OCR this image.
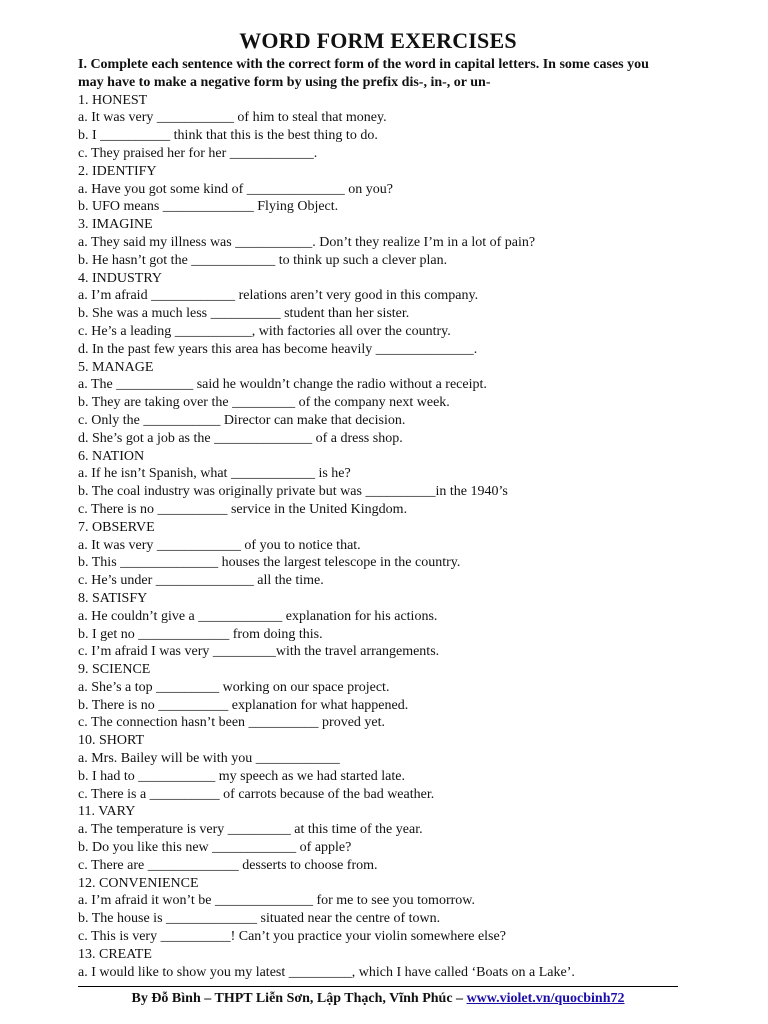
WORD FORM EXERCISES
I. Complete each sentence with the correct form of the word in capital letters. In some cases you may have to make a negative form by using the prefix dis-, in-, or un-
1. HONEST
a. It was very ___________ of him to steal that money.
b. I __________ think that this is the best thing to do.
c. They praised her for her ____________.
2. IDENTIFY
a. Have you got some kind of ______________ on you?
b. UFO means _____________ Flying Object.
3. IMAGINE
a. They said my illness was ___________. Don’t they realize I’m in a lot of pain?
b. He hasn’t got the ____________ to think up such a clever plan.
4. INDUSTRY
a. I’m afraid ____________ relations aren’t very good in this company.
b. She was a much less __________ student than her sister.
c. He’s a leading ___________, with factories all over the country.
d. In the past few years this area has become heavily ______________.
5. MANAGE
a. The ___________ said he wouldn’t change the radio without a receipt.
b. They are taking over the _________ of the company next week.
c. Only the ___________ Director can make that decision.
d. She’s got a job as the ______________ of a dress shop.
6. NATION
a. If he isn’t Spanish, what ____________ is he?
b. The coal industry was originally private but was __________in the 1940’s
c. There is no __________ service in the United Kingdom.
7. OBSERVE
a. It was very ____________ of you to notice that.
b. This ______________ houses the largest telescope in the country.
c. He’s under ______________ all the time.
8. SATISFY
a. He couldn’t give a ____________ explanation for his actions.
b. I get no _____________ from doing this.
c. I’m afraid I was very _________with the travel arrangements.
9. SCIENCE
a. She’s a top _________ working on our space project.
b. There is no __________ explanation for what happened.
c. The connection hasn’t been __________ proved yet.
10. SHORT
a. Mrs. Bailey will be with you ____________
b. I had to ___________ my speech as we had started late.
c. There is a __________ of carrots because of the bad weather.
11. VARY
a. The temperature is very _________ at this time of the year.
b. Do you like this new ____________ of apple?
c. There are _____________ desserts to choose from.
12. CONVENIENCE
a. I’m afraid it won’t be ______________ for me to see you tomorrow.
b. The house is _____________ situated near the centre of town.
c. This is very __________! Can’t you practice your violin somewhere else?
13. CREATE
a. I would like to show you my latest _________, which I have called ‘Boats on a Lake’.
By Đỗ Bình – THPT Liễn Sơn, Lập Thạch, Vĩnh Phúc – www.violet.vn/quocbinh72
